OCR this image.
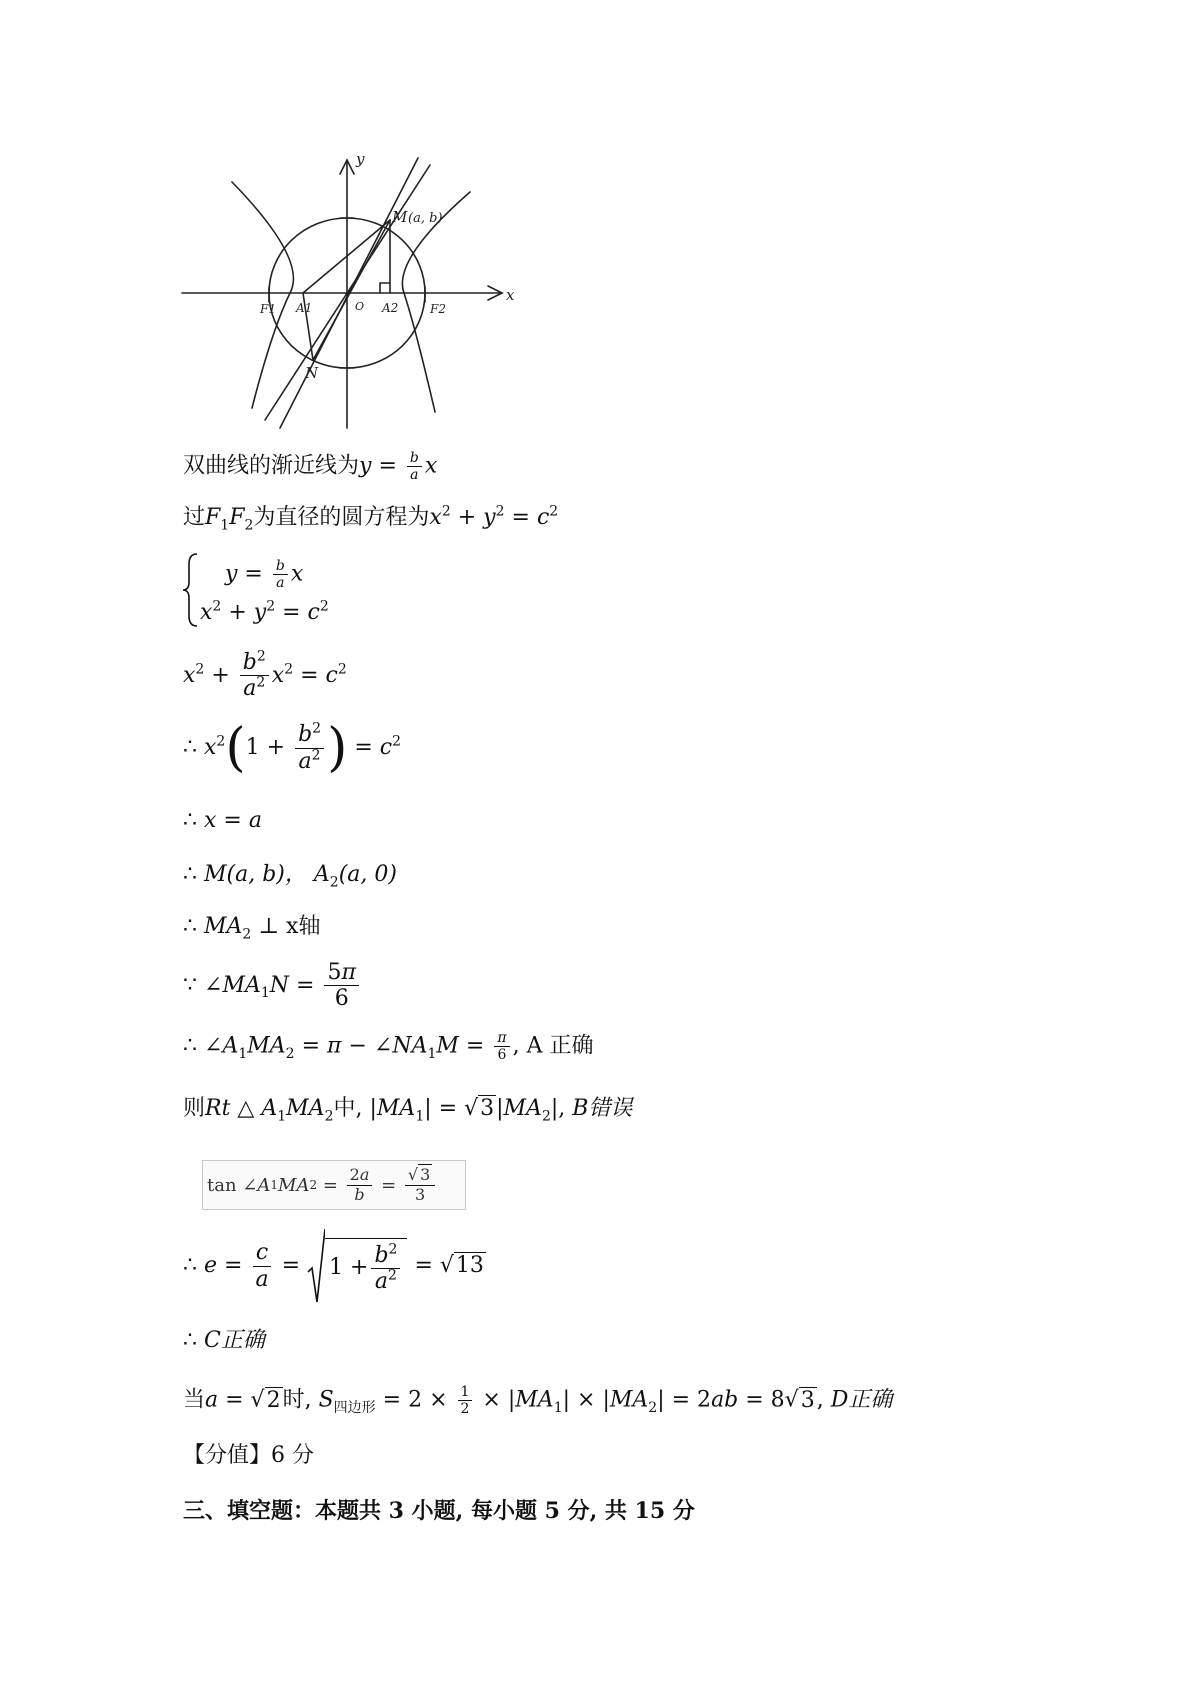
y
x
M (a, b)
F1 A1	O A2	F2
N
双曲线的渐近线为$y = \frac{b}{a}$ x
过$F_1F_2$为直径的圆方程为$x^2 + y^2 = c^2$
$y = \frac{b}{a}$ x
$x^2 + y^2 = c^2$
$x^2 + \frac{b^2}{a^2} x^2 = c^2$
∴ $x^2(1 + \frac{b^2}{a^2}$ ) = $c^2$
∴ x = a
∴ M(a, b)， $A_2(a$, 0)
∴ $MA_2$ ⊥ x轴
∵ $\angle MA_1N = \frac{5\pi}{6}$
∴ $\angle A_1MA_2 = \pi$ − $\angle NA_1M = \frac{\pi}{6}$ , A 正确
则Rt △ $A_1MA_2$中, $|MA_1| = √3|MA_2|$, B错误
tan ∠ A 1 MA $2 = \frac{2a}{b} = \frac{√ 3}{3}$
∴ $e = \frac{c}{a} = 1 + \frac{b^2}{a^2} = √13$
∴ C正确
当a = √2时, $S_{四边形} = 2 \times \frac{1}{2} \times |MA_1| \times |MA_2| = 2ab = 8√3$, D正确
【分值】6 分
三、填空题：本题共 3 小题, 每小题 5 分, 共 15 分
